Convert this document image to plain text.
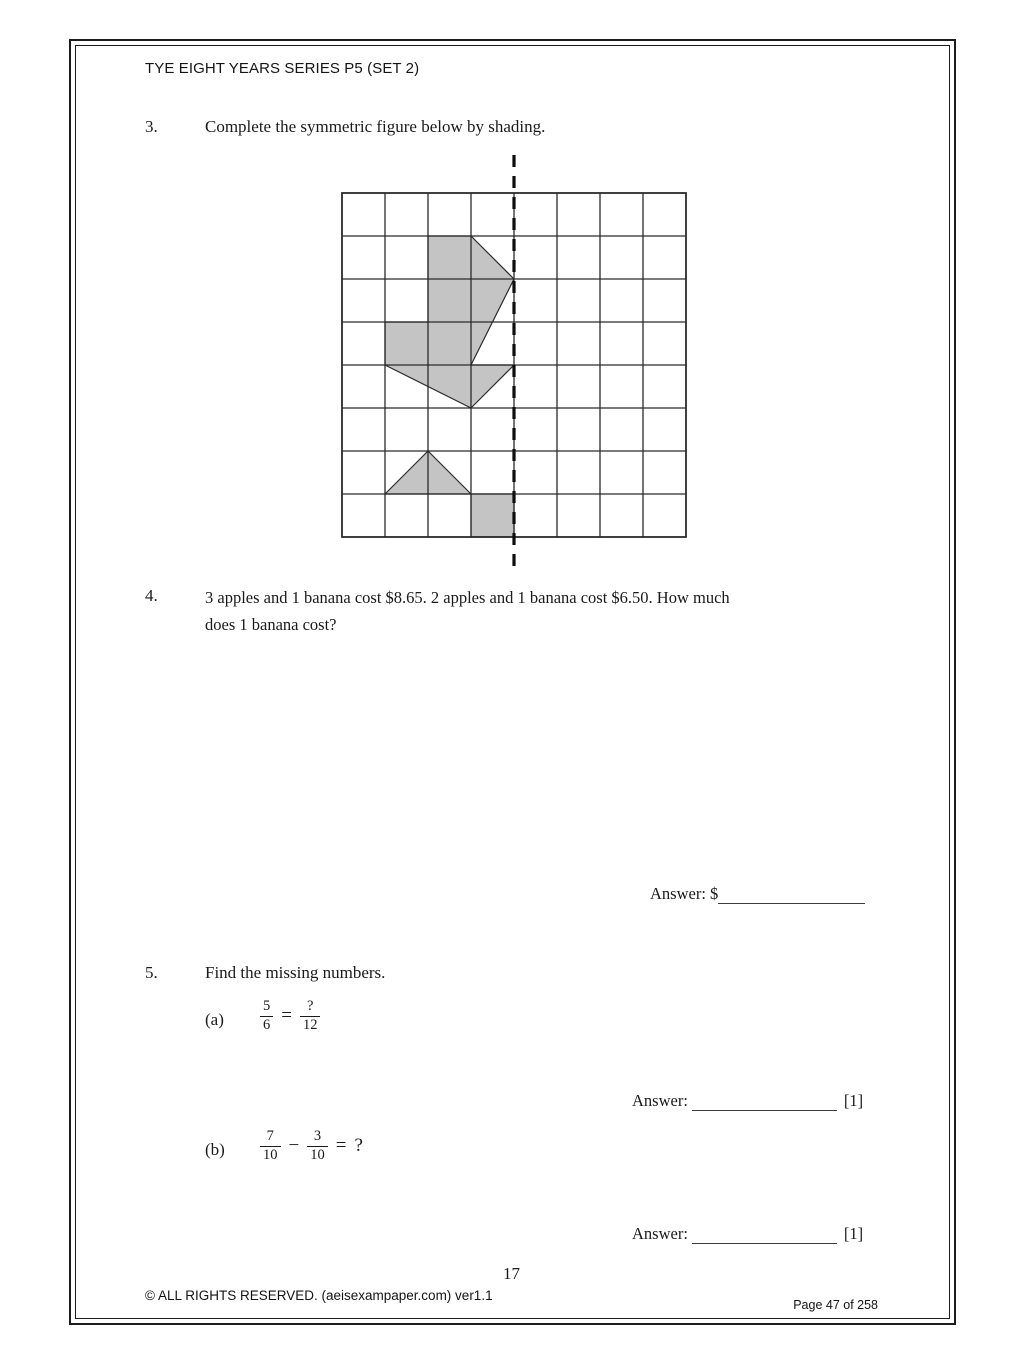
TYE EIGHT YEARS SERIES P5 (SET 2)
3.	Complete the symmetric figure below by shading.
4.	3 apples and 1 banana cost $8.65. 2 apples and 1 banana cost $6.50. How much
does 1 banana cost?
Answer: $
5.	Find the missing numbers.
$(a) \frac{5}{6} = \frac{?}{12}$
Answer:	[1]
$(b) \frac{7}{10} - \frac{3}{10}$ = ?
Answer:	[1]
17
© ALL RIGHTS RESERVED. (aeisexampaper.com) ver1.1
Page 47 of 258
